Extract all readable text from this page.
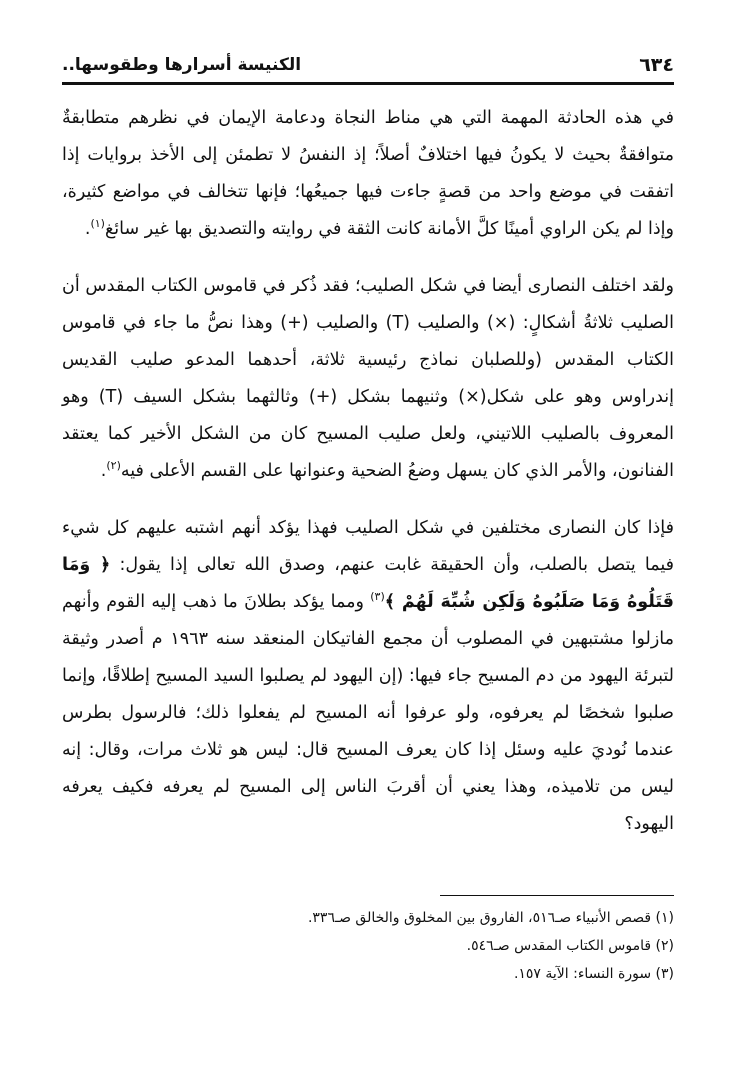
٦٣٤
الكنيسة أسرارها وطقوسها..

في هذه الحادثة المهمة التي هي مناط النجاة ودعامة الإيمان في نظرهم متطابقةٌ متوافقةٌ بحيث لا يكونُ فيها اختلافٌ أصلاً؛ إذ النفسُ لا تطمئن إلى الأخذ بروايات إذا اتفقت في موضع واحد من قصةٍ جاءت فيها جميعُها؛ فإنها تتخالف في مواضع كثيرة، وإذا لم يكن الراوي أمينًا كلَّ الأمانة كانت الثقة في روايته والتصديق بها غير سائغ$^{(١)}$.

ولقد اختلف النصارى أيضا في شكل الصليب؛ فقد ذُكر في قاموس الكتاب المقدس أن الصليب ثلاثةُ أشكالٍ: (×) والصليب (T) والصليب (+) وهذا نصُّ ما جاء في قاموس الكتاب المقدس (وللصلبان نماذج رئيسية ثلاثة، أحدهما المدعو صليب القديس إندراوس وهو على شكل(×) وثنيهما بشكل (+) وثالثهما بشكل السيف (T) وهو المعروف بالصليب اللاتيني، ولعل صليب المسيح كان من الشكل الأخير كما يعتقد الفنانون، والأمر الذي كان يسهل وضعُ الضحية وعنوانها على القسم الأعلى فيه$^{(٢)}$.

فإذا كان النصارى مختلفين في شكل الصليب فهذا يؤكد أنهم اشتبه عليهم كل شيء فيما يتصل بالصلب، وأن الحقيقة غابت عنهم، وصدق الله تعالى إذا يقول: ﴿ وَمَا قَتَلُوهُ وَمَا صَلَبُوهُ وَلَكِن شُبِّهَ لَهُمْ ﴾$^{(٣)}$ ومما يؤكد بطلانَ ما ذهب إليه القوم وأنهم مازلوا مشتبهين في المصلوب أن مجمع الفاتيكان المنعقد سنه ١٩٦٣ م أصدر وثيقة لتبرئة اليهود من دم المسيح جاء فيها: (إن اليهود لم يصلبوا السيد المسيح إطلاقًا، وإنما صلبوا شخصًا لم يعرفوه، ولو عرفوا أنه المسيح لم يفعلوا ذلك؛ فالرسول بطرس عندما نُوديَ عليه وسئل إذا كان يعرف المسيح قال: ليس هو ثلاث مرات، وقال: إنه ليس من تلاميذه، وهذا يعني أن أقربَ الناس إلى المسيح لم يعرفه فكيف يعرفه اليهود؟

(١) قصص الأنبياء صـ٥١٦، الفاروق بين المخلوق والخالق صـ٣٣٦.

(٢) قاموس الكتاب المقدس صـ٥٤٦.

(٣) سورة النساء: الآية ١٥٧.
